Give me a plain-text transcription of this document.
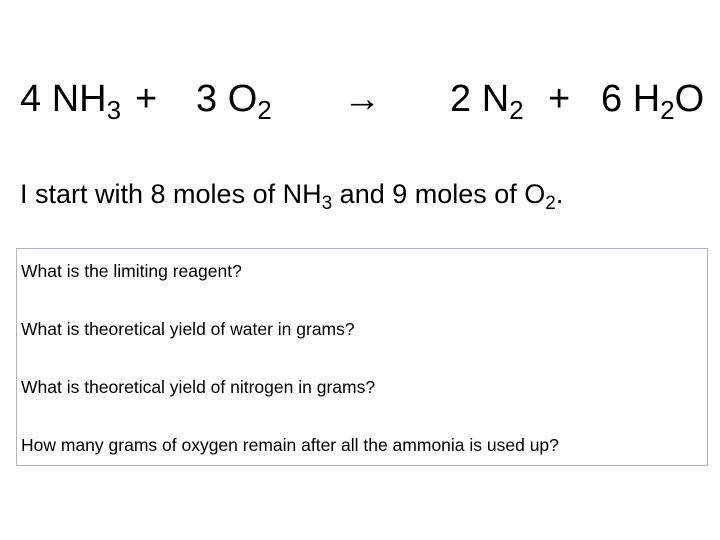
4 $NH_3 + 3$ $O_2 \to 2$ $N_2 + 6$ $H_2O$
I start with 8 moles of $NH_3$ and 9 moles of $O_2$.
What is the limiting reagent?
What is theoretical yield of water in grams?
What is theoretical yield of nitrogen in grams?
How many grams of oxygen remain after all the ammonia is used up?
